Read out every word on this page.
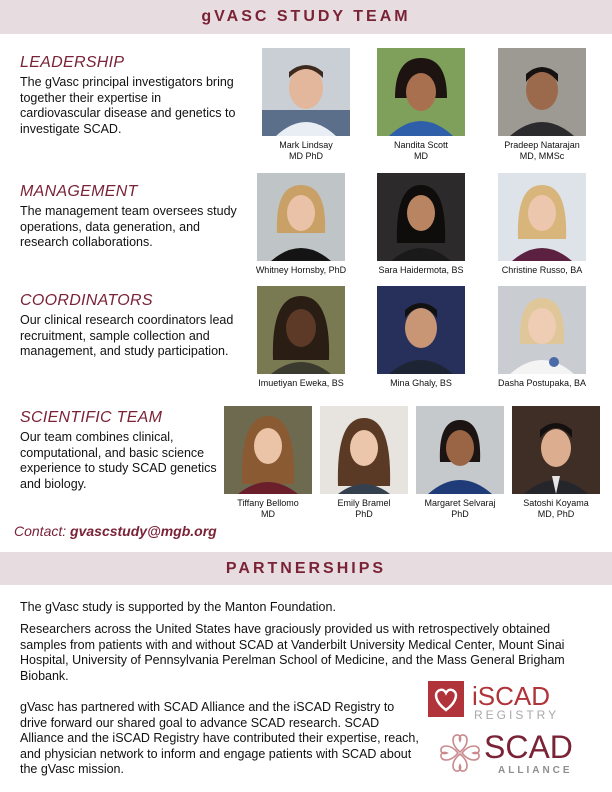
gVASC STUDY TEAM
LEADERSHIP

The gVasc principal investigators bring together their expertise in cardiovascular disease and genetics to investigate SCAD.

MANAGEMENT

The management team oversees study operations, data generation, and research collaborations.

COORDINATORS

Our clinical research coordinators lead recruitment, sample collection and management, and study participation.

SCIENTIFIC TEAM

Our team combines clinical, computational, and basic science experience to study SCAD genetics and biology.

Mark Lindsay
MD PhD
Nandita Scott
MD
Pradeep Natarajan
MD, MMSc
Whitney Hornsby, PhD	Sara Haidermota, BS	Christine Russo, BA
Imuetiyan Eweka, BS	Mina Ghaly, BS	Dasha Postupaka, BA
Tiffany Bellomo
MD
Emily Bramel
PhD
Margaret Selvaraj
PhD
Satoshi Koyama
MD, PhD
Contact: gvascstudy@mgb.org
PARTNERSHIPS

The gVasc study is supported by the Manton Foundation.

Researchers across the United States have graciously provided us with retrospectively obtained samples from patients with and without SCAD at Vanderbilt University Medical Center, Mount Sinai Hospital, University of Pennsylvania Perelman School of Medicine, and the Mass General Brigham Biobank.

gVasc has partnered with SCAD Alliance and the iSCAD Registry to drive forward our shared goal to advance SCAD research. SCAD Alliance and the iSCAD Registry have contributed their expertise, reach, and physician network to inform and engage patients with SCAD about the gVasc mission.

iSCAD
REGISTRY
SCAD
ALLIANCE
